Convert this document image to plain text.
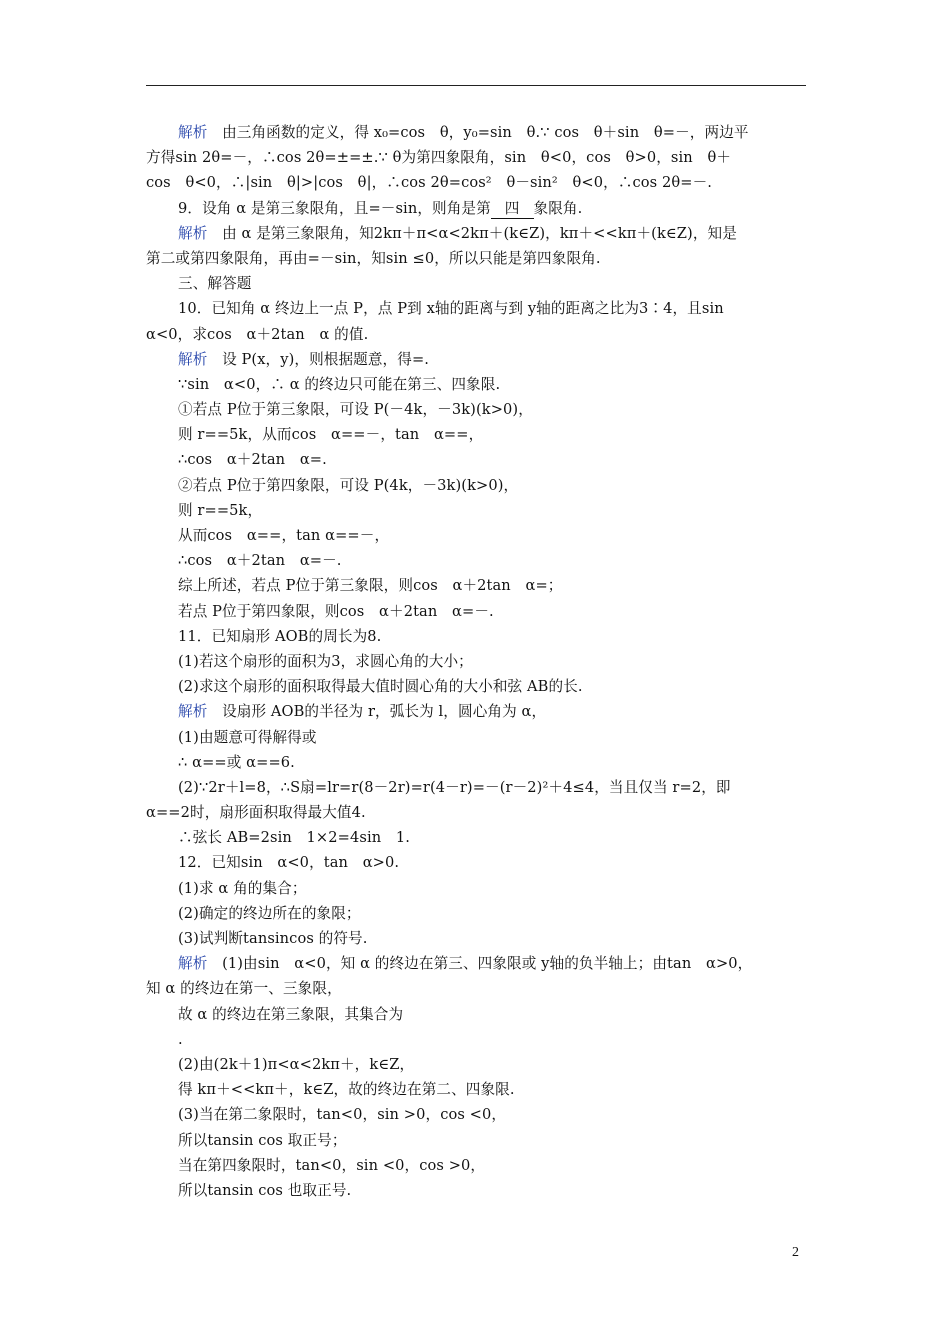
解析　由三角函数的定义，得 x₀=cos　θ，y₀=sin　θ.∵ cos　θ＋sin　θ=－，两边平
方得sin 2θ=－，∴cos 2θ=±=±.∵ θ为第四象限角，sin　θ<0，cos　θ>0，sin　θ＋
cos　θ<0，∴|sin　θ|>|cos　θ|，∴cos 2θ=cos²　θ－sin²　θ<0，∴cos 2θ=－.
9．设角 α 是第三象限角，且=－sin，则角是第 四 象限角.
解析　由 α 是第三象限角，知2kπ＋π<α<2kπ＋(k∈Z)，kπ＋<<kπ＋(k∈Z)，知是
第二或第四象限角，再由=－sin，知sin ≤0，所以只能是第四象限角.
三、解答题
10．已知角 α 终边上一点 P，点 P到 x轴的距离与到 y轴的距离之比为3∶4，且sin
α<0，求cos　α＋2tan　α 的值.
解析　设 P(x，y)，则根据题意，得=.
∵sin　α<0，∴ α 的终边只可能在第三、四象限.
①若点 P位于第三象限，可设 P(－4k，－3k)(k>0)，
则 r==5k，从而cos　α==－，tan　α==，
∴cos　α＋2tan　α=.
②若点 P位于第四象限，可设 P(4k，－3k)(k>0)，
则 r==5k，
从而cos　α==，tan α==－，
∴cos　α＋2tan　α=－.
综上所述，若点 P位于第三象限，则cos　α＋2tan　α=；
若点 P位于第四象限，则cos　α＋2tan　α=－.
11．已知扇形 AOB的周长为8.
(1)若这个扇形的面积为3，求圆心角的大小；
(2)求这个扇形的面积取得最大值时圆心角的大小和弦 AB的长.
解析　设扇形 AOB的半径为 r，弧长为 l，圆心角为 α，
(1)由题意可得解得或
∴ α==或 α==6.
(2)∵2r＋l=8，∴S扇=lr=r(8－2r)=r(4－r)=－(r－2)²＋4≤4，当且仅当 r=2，即
α==2时，扇形面积取得最大值4.
∴弦长 AB=2sin　1×2=4sin　1.
12．已知sin　α<0，tan　α>0.
(1)求 α 角的集合；
(2)确定的终边所在的象限；
(3)试判断tansincos 的符号.
解析　(1)由sin　α<0，知 α 的终边在第三、四象限或 y轴的负半轴上；由tan　α>0，
知 α 的终边在第一、三象限，
故 α 的终边在第三象限，其集合为
.
(2)由(2k＋1)π<α<2kπ＋，k∈Z，
得 kπ＋<<kπ＋，k∈Z，故的终边在第二、四象限.
(3)当在第二象限时，tan<0，sin >0，cos <0，
所以tansin cos 取正号；
当在第四象限时，tan<0，sin <0，cos >0，
所以tansin cos 也取正号.
2
